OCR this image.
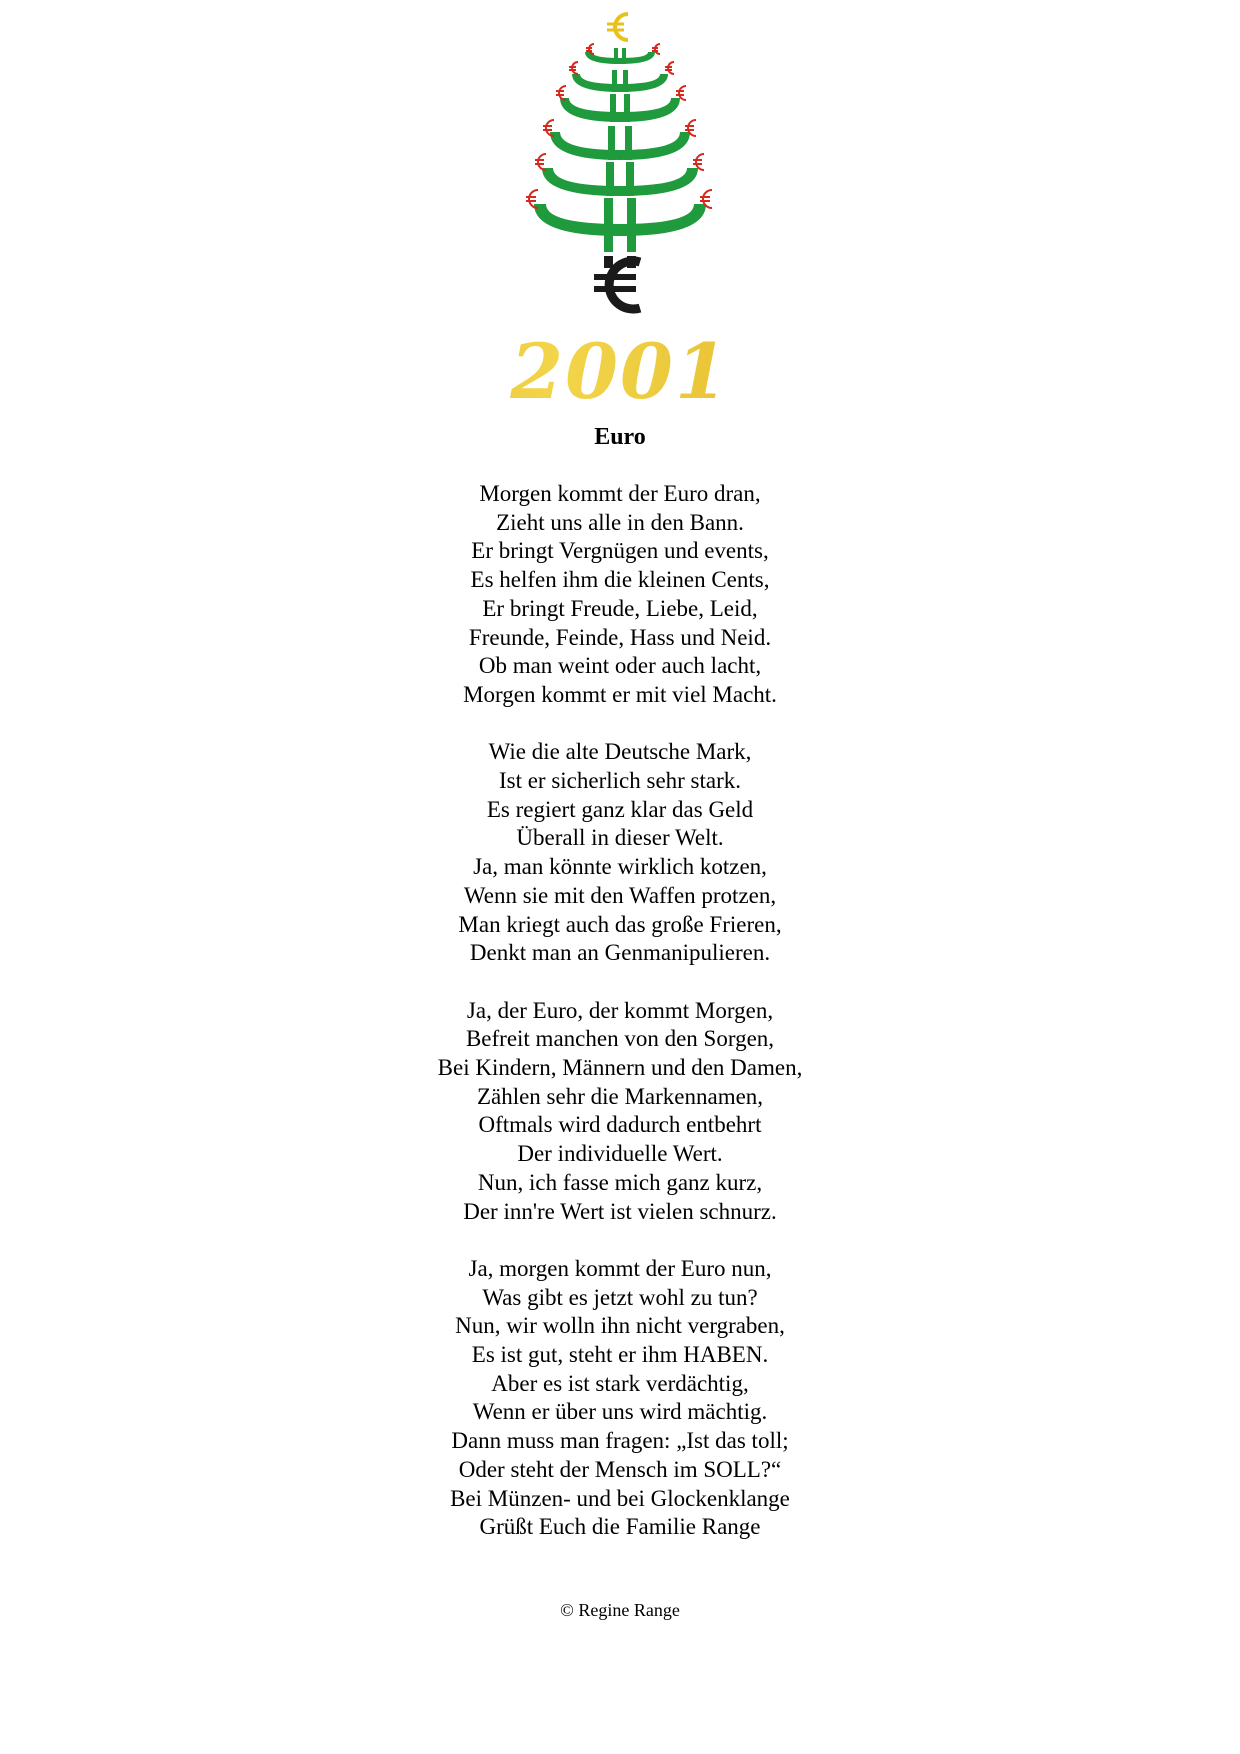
2001
Euro
Morgen kommt der Euro dran,
Zieht uns alle in den Bann.
Er bringt Vergnügen und events,
Es helfen ihm die kleinen Cents,
Er bringt Freude, Liebe, Leid,
Freunde, Feinde, Hass und Neid.
Ob man weint oder auch lacht,
Morgen kommt er mit viel Macht.
Wie die alte Deutsche Mark,
Ist er sicherlich sehr stark.
Es regiert ganz klar das Geld
Überall in dieser Welt.
Ja, man könnte wirklich kotzen,
Wenn sie mit den Waffen protzen,
Man kriegt auch das große Frieren,
Denkt man an Genmanipulieren.
Ja, der Euro, der kommt Morgen,
Befreit manchen von den Sorgen,
Bei Kindern, Männern und den Damen,
Zählen sehr die Markennamen,
Oftmals wird dadurch entbehrt
Der individuelle Wert.
Nun, ich fasse mich ganz kurz,
Der inn're Wert ist vielen schnurz.
Ja, morgen kommt der Euro nun,
Was gibt es jetzt wohl zu tun?
Nun, wir wolln ihn nicht vergraben,
Es ist gut, steht er ihm HABEN.
Aber es ist stark verdächtig,
Wenn er über uns wird mächtig.
Dann muss man fragen: „Ist das toll;
Oder steht der Mensch im SOLL?“
Bei Münzen- und bei Glockenklange
Grüßt Euch die Familie Range
© Regine Range
